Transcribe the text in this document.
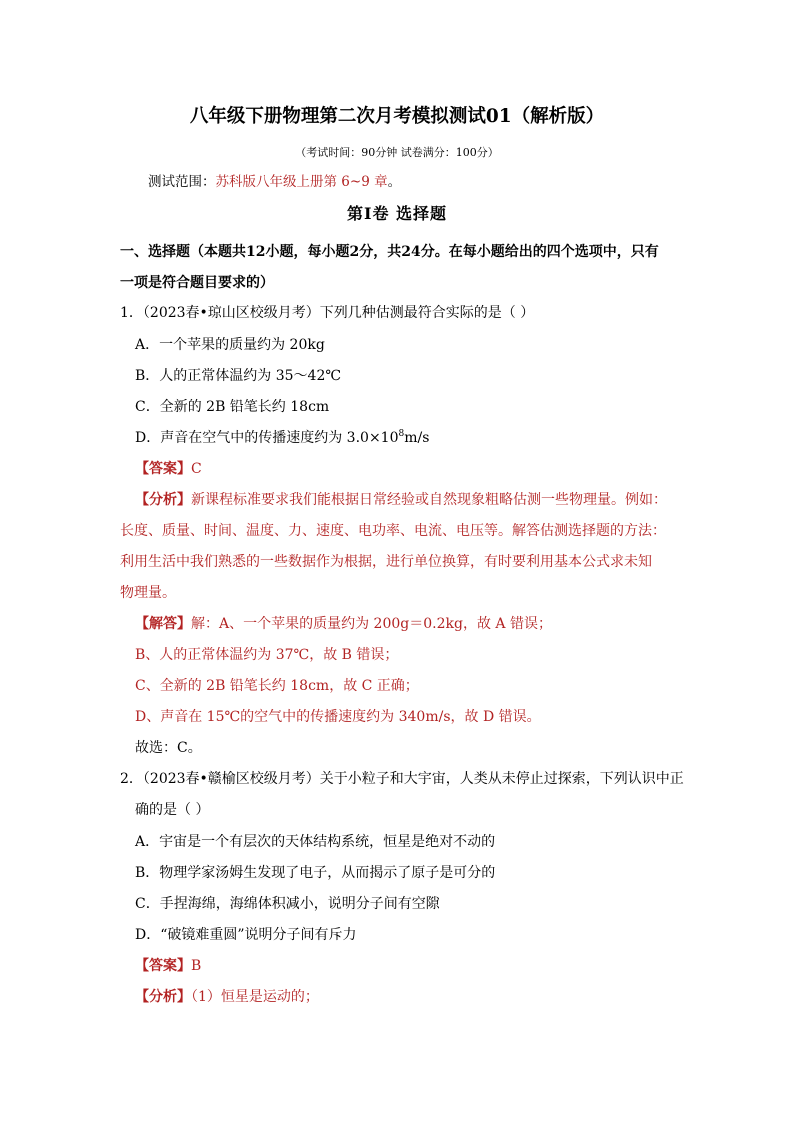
八年级下册物理第二次月考模拟测试01（解析版）
（考试时间：90分钟 试卷满分：100分）
测试范围：苏科版八年级上册第 6~9 章。
第Ⅰ卷 选择题
一、选择题（本题共12小题，每小题2分，共24分。在每小题给出的四个选项中，只有
一项是符合题目要求的）
1．（2023春•琼山区校级月考）下列几种估测最符合实际的是（ ）
A．一个苹果的质量约为 20kg
B．人的正常体温约为 35～42℃
C．全新的 2B 铅笔长约 18cm
D．声音在空气中的传播速度约为 $3.0\times 10^8m/s$
【答案】C
【分析】新课程标准要求我们能根据日常经验或自然现象粗略估测一些物理量。例如：
长度、质量、时间、温度、力、速度、电功率、电流、电压等。解答估测选择题的方法：
利用生活中我们熟悉的一些数据作为根据，进行单位换算，有时要利用基本公式求未知
物理量。
【解答】解：A、一个苹果的质量约为 200g＝0.2kg，故 A 错误；
B、人的正常体温约为 37℃，故 B 错误；
C、全新的 2B 铅笔长约 18cm，故 C 正确；
D、声音在 15℃的空气中的传播速度约为 340m/s，故 D 错误。
故选：C。
2．（2023春•赣榆区校级月考）关于小粒子和大宇宙，人类从未停止过探索，下列认识中正
确的是（ ）
A．宇宙是一个有层次的天体结构系统，恒星是绝对不动的
B．物理学家汤姆生发现了电子，从而揭示了原子是可分的
C．手捏海绵，海绵体积减小，说明分子间有空隙
D．“破镜难重圆”说明分子间有斥力
【答案】B
【分析】（1）恒星是运动的；
